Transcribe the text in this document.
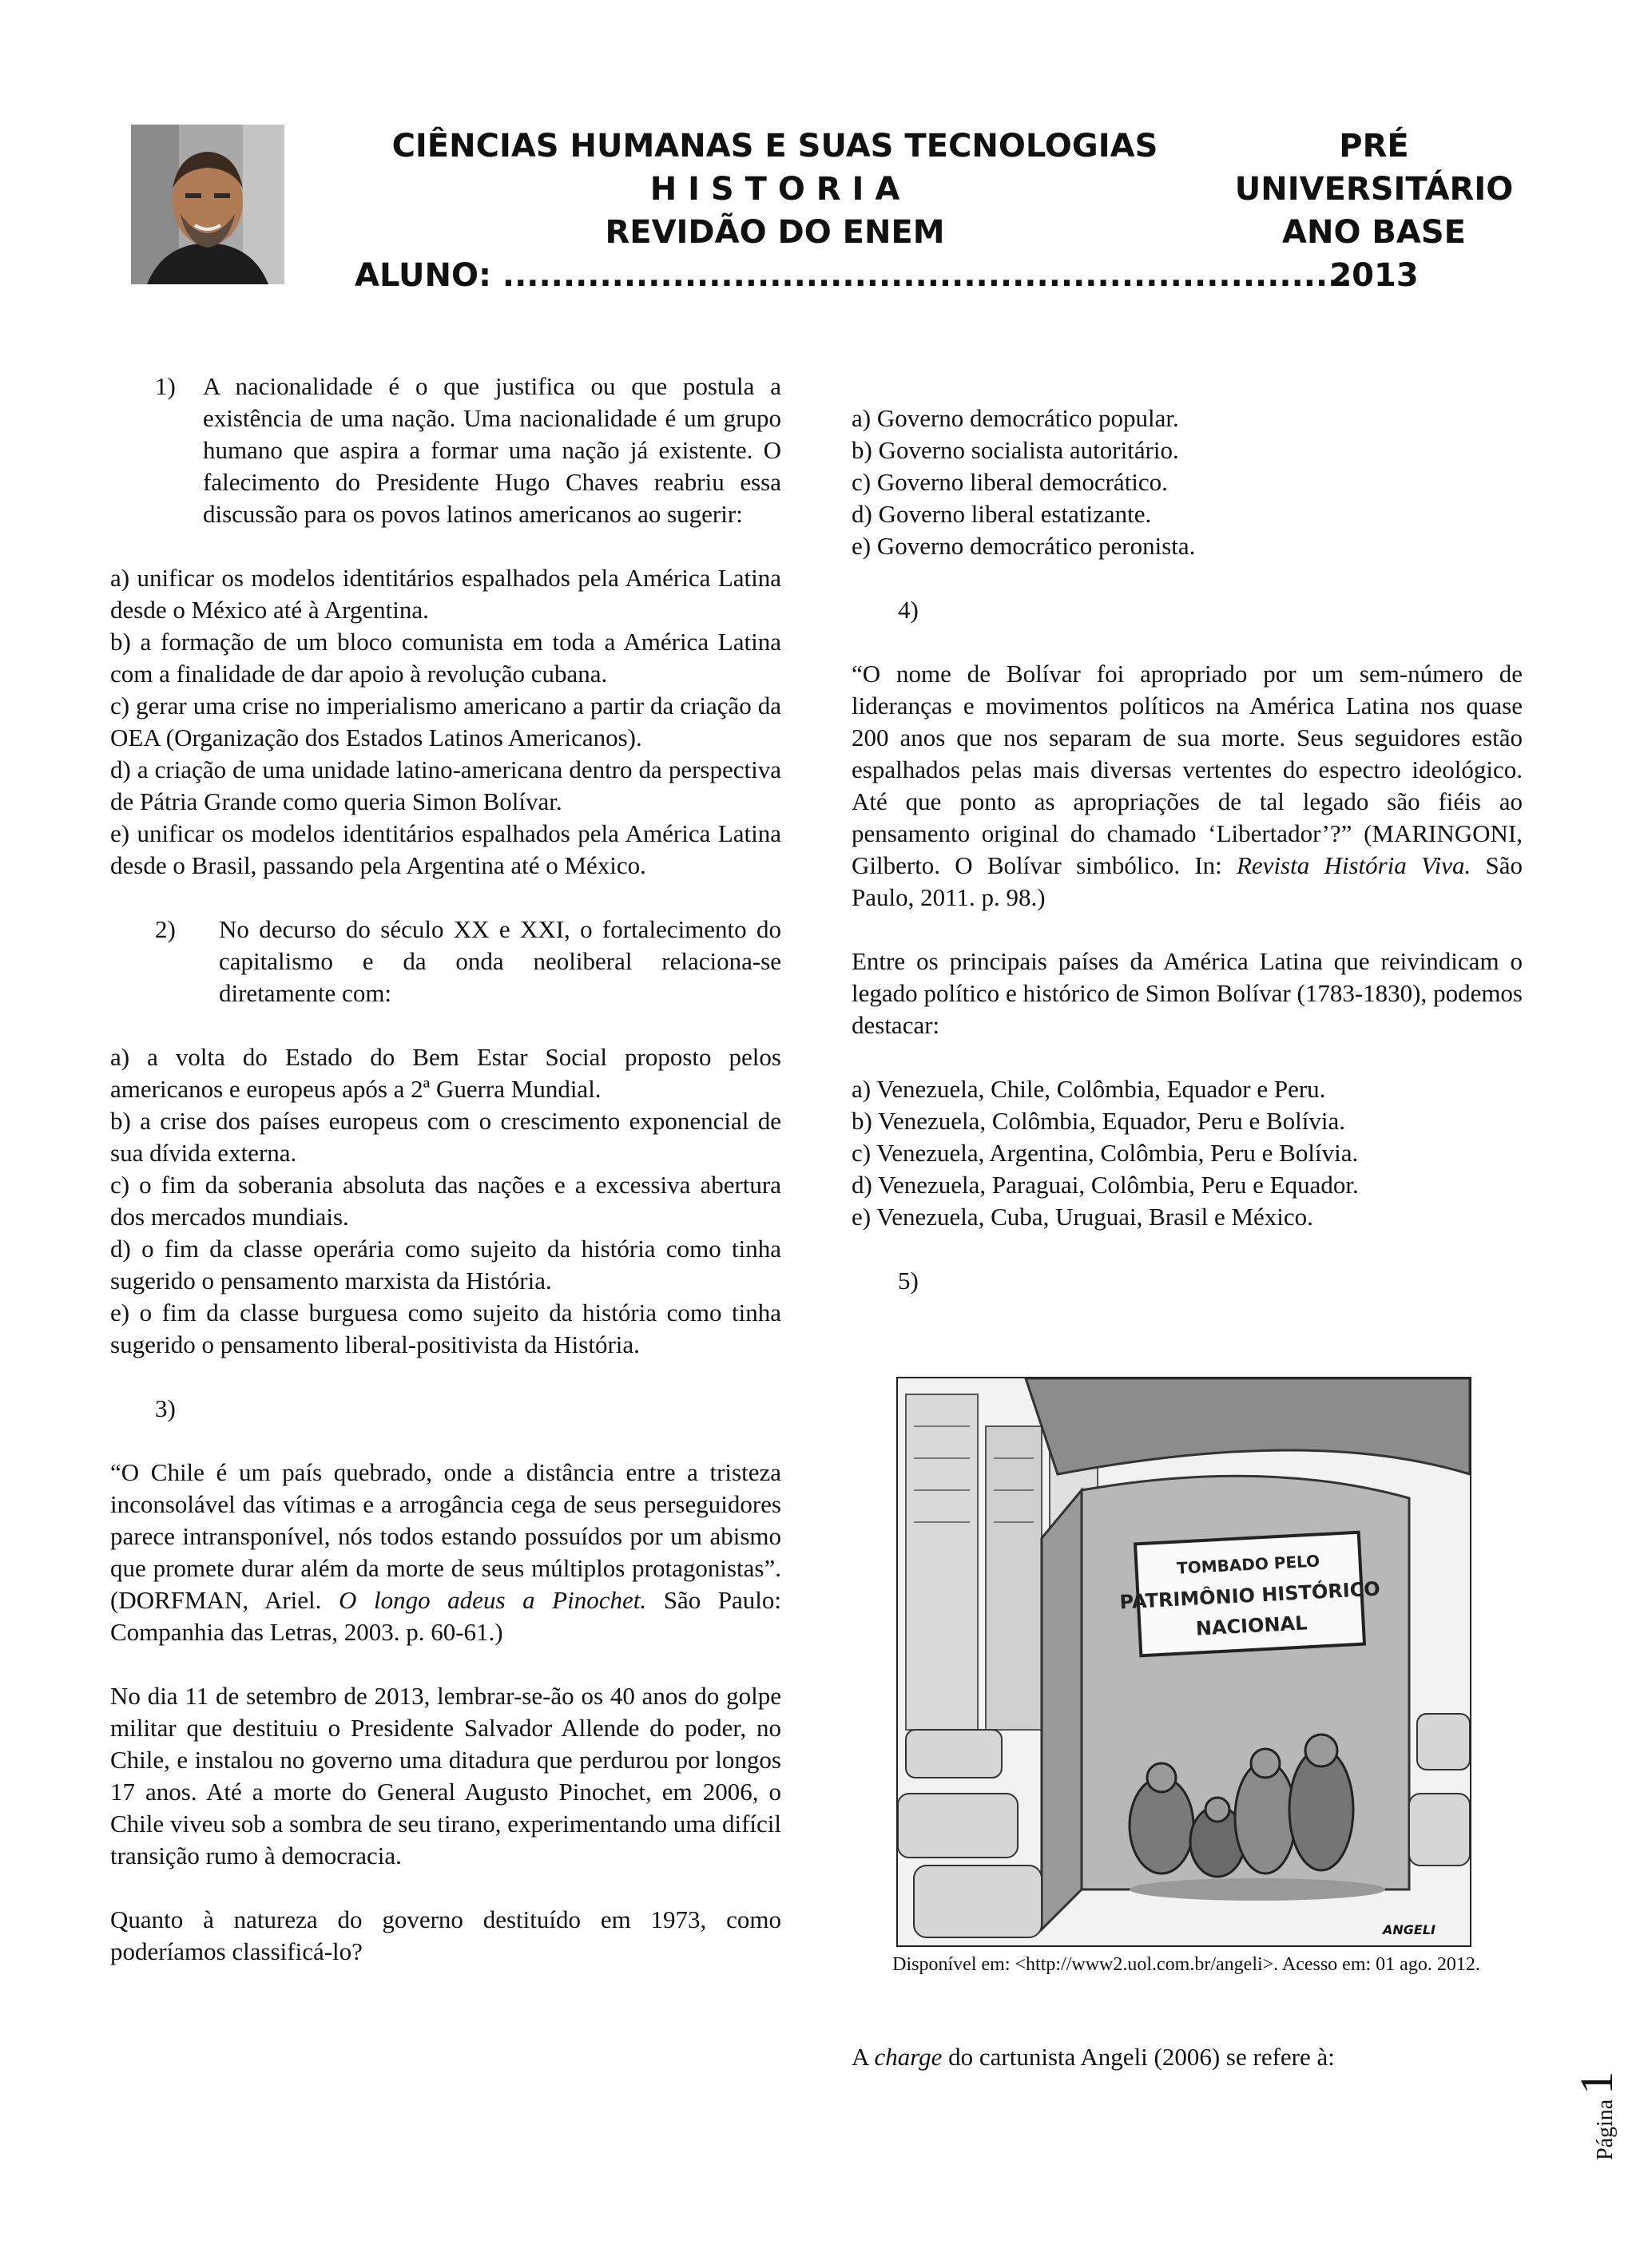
CIÊNCIAS HUMANAS E SUAS TECNOLOGIAS
H I S T O R I A
REVIDÃO DO ENEM
ALUNO: ......................................................................
PRÉ
UNIVERSITÁRIO
ANO BASE
2013
1)	A nacionalidade é o que justifica ou que postula a existência de uma nação. Uma nacionalidade é um grupo humano que aspira a formar uma nação já existente. O falecimento do Presidente Hugo Chaves reabriu essa discussão para os povos latinos americanos ao sugerir:

a) unificar os modelos identitários espalhados pela América Latina desde o México até à Argentina.

b) a formação de um bloco comunista em toda a América Latina com a finalidade de dar apoio à revolução cubana.

c) gerar uma crise no imperialismo americano a partir da criação da OEA (Organização dos Estados Latinos Americanos).

d) a criação de uma unidade latino-americana dentro da perspectiva de Pátria Grande como queria Simon Bolívar.

e) unificar os modelos identitários espalhados pela América Latina desde o Brasil, passando pela Argentina até o México.

2)	No decurso do século XX e XXI, o fortalecimento do capitalismo e da onda neoliberal relaciona-se diretamente com:

a) a volta do Estado do Bem Estar Social proposto pelos americanos e europeus após a 2ª Guerra Mundial.

b) a crise dos países europeus com o crescimento exponencial de sua dívida externa.

c) o fim da soberania absoluta das nações e a excessiva abertura dos mercados mundiais.

d) o fim da classe operária como sujeito da história como tinha sugerido o pensamento marxista da História.

e) o fim da classe burguesa como sujeito da história como tinha sugerido o pensamento liberal-positivista da História.

3)

“O Chile é um país quebrado, onde a distância entre a tristeza inconsolável das vítimas e a arrogância cega de seus perseguidores parece intransponível, nós todos estando possuídos por um abismo que promete durar além da morte de seus múltiplos protagonistas”. (DORFMAN, Ariel. O longo adeus a Pinochet. São Paulo: Companhia das Letras, 2003. p. 60-61.)

No dia 11 de setembro de 2013, lembrar-se-ão os 40 anos do golpe militar que destituiu o Presidente Salvador Allende do poder, no Chile, e instalou no governo uma ditadura que perdurou por longos 17 anos. Até a morte do General Augusto Pinochet, em 2006, o Chile viveu sob a sombra de seu tirano, experimentando uma difícil transição rumo à democracia.

Quanto à natureza do governo destituído em 1973, como poderíamos classificá-lo?

a) Governo democrático popular.

b) Governo socialista autoritário.

c) Governo liberal democrático.

d) Governo liberal estatizante.

e) Governo democrático peronista.

4)

“O nome de Bolívar foi apropriado por um sem-número de lideranças e movimentos políticos na América Latina nos quase 200 anos que nos separam de sua morte. Seus seguidores estão espalhados pelas mais diversas vertentes do espectro ideológico. Até que ponto as apropriações de tal legado são fiéis ao pensamento original do chamado ‘Libertador’?” (MARINGONI, Gilberto. O Bolívar simbólico. In: Revista História Viva. São Paulo, 2011. p. 98.)

Entre os principais países da América Latina que reivindicam o legado político e histórico de Simon Bolívar (1783-1830), podemos destacar:

a) Venezuela, Chile, Colômbia, Equador e Peru.

b) Venezuela, Colômbia, Equador, Peru e Bolívia.

c) Venezuela, Argentina, Colômbia, Peru e Bolívia.

d) Venezuela, Paraguai, Colômbia, Peru e Equador.

e) Venezuela, Cuba, Uruguai, Brasil e México.

5)

TOMBADO PELO
PATRIMÔNIO HISTÓRICO
NACIONAL
ANGELI
Disponível em: <http://www2.uol.com.br/angeli>. Acesso em: 01 ago. 2012.
A charge do cartunista Angeli (2006) se refere à:
Página
1
